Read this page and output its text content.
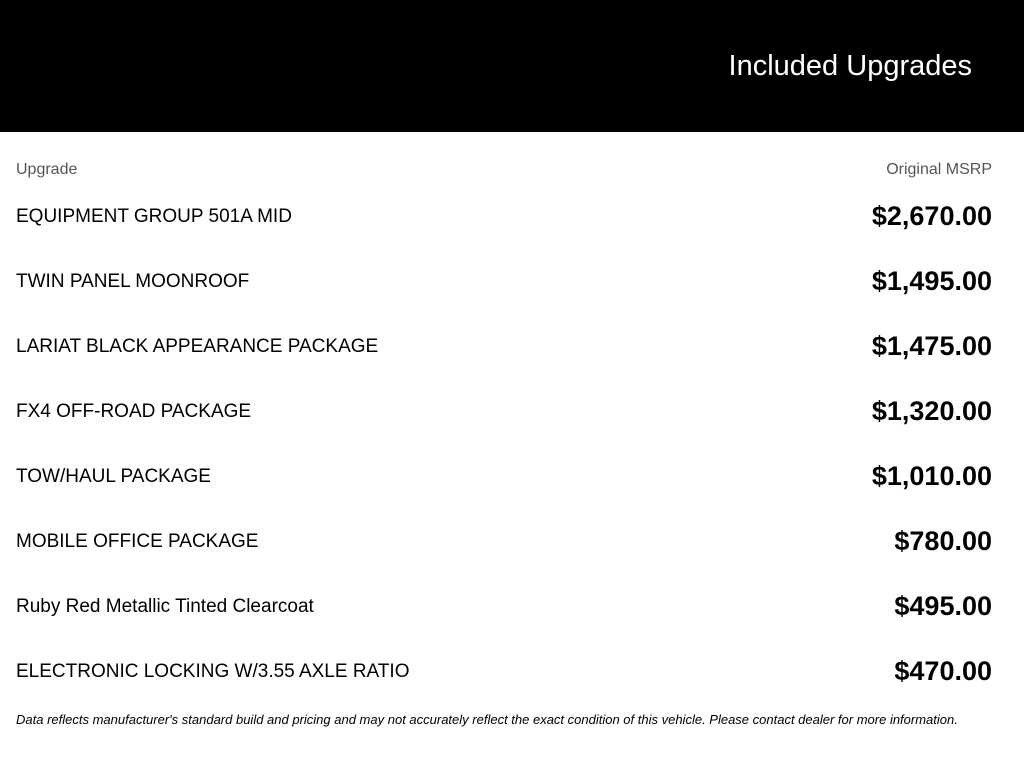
Included Upgrades
Upgrade	Original MSRP
EQUIPMENT GROUP 501A MID	$2,670.00
TWIN PANEL MOONROOF	$1,495.00
LARIAT BLACK APPEARANCE PACKAGE	$1,475.00
FX4 OFF-ROAD PACKAGE	$1,320.00
TOW/HAUL PACKAGE	$1,010.00
MOBILE OFFICE PACKAGE	$780.00
Ruby Red Metallic Tinted Clearcoat	$495.00
ELECTRONIC LOCKING W/3.55 AXLE RATIO	$470.00
Data reflects manufacturer's standard build and pricing and may not accurately reflect the exact condition of this vehicle. Please contact dealer for more information.
